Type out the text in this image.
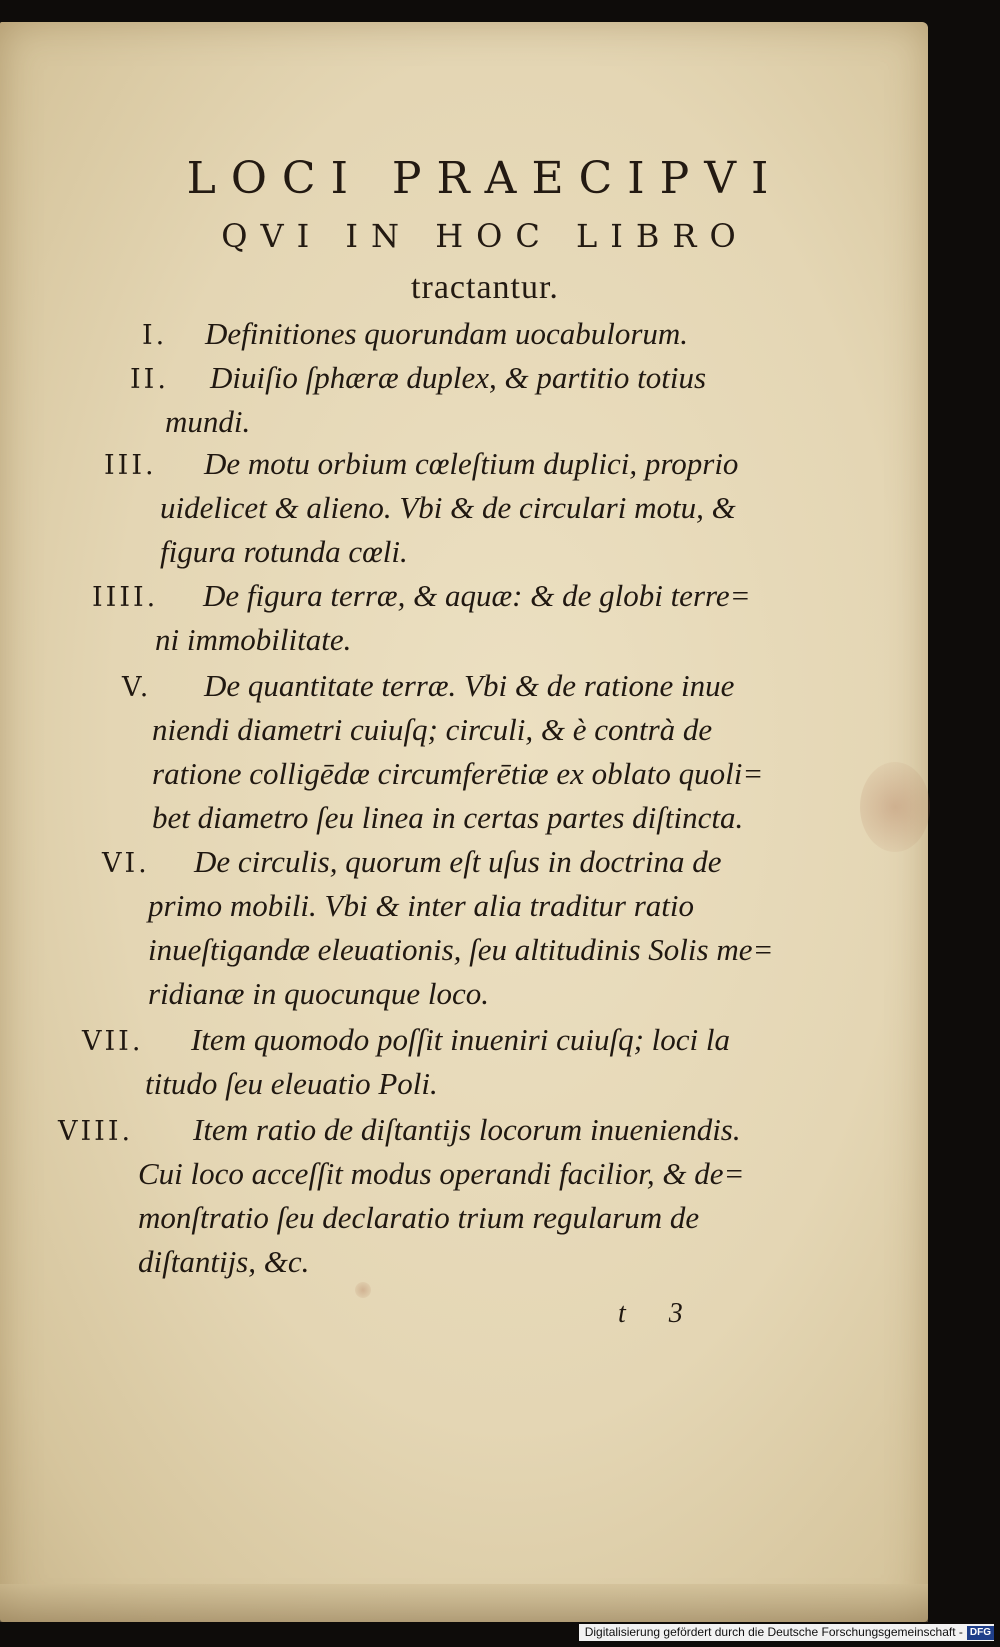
LOCI PRAECIPVI
QVI IN HOC LIBRO
tractantur.
I. Definitiones quorundam uocabulorum.
II.	Diuiſio ſphæræ duplex, & partitio totius
mundi.
III.	De motu orbium cœleſtium duplici, proprio
uidelicet & alieno. Vbi & de circulari motu, &
figura rotunda cœli.
IIII.	De figura terræ, & aquæ: & de globi terre=
ni immobilitate.
V.	De quantitate terræ. Vbi & de ratione inue
niendi diametri cuiuſq; circuli, & è contrà de
ratione colligēdæ circumferētiæ ex oblato quoli=
bet diametro ſeu linea in certas partes diſtincta.
VI.	De circulis, quorum eſt uſus in doctrina de
primo mobili. Vbi & inter alia traditur ratio
inueſtigandæ eleuationis, ſeu altitudinis Solis me=
ridianæ in quocunque loco.
VII.	Item quomodo poſſit inueniri cuiuſq; loci la
titudo ſeu eleuatio Poli.
VIII.	Item ratio de diſtantijs locorum inueniendis.
Cui loco acceſſit modus operandi facilior, & de=
monſtratio ſeu declaratio trium regularum de
diſtantijs, &c.
t 3
Digitalisierung gefördert durch die Deutsche Forschungsgemeinschaft - DFG
